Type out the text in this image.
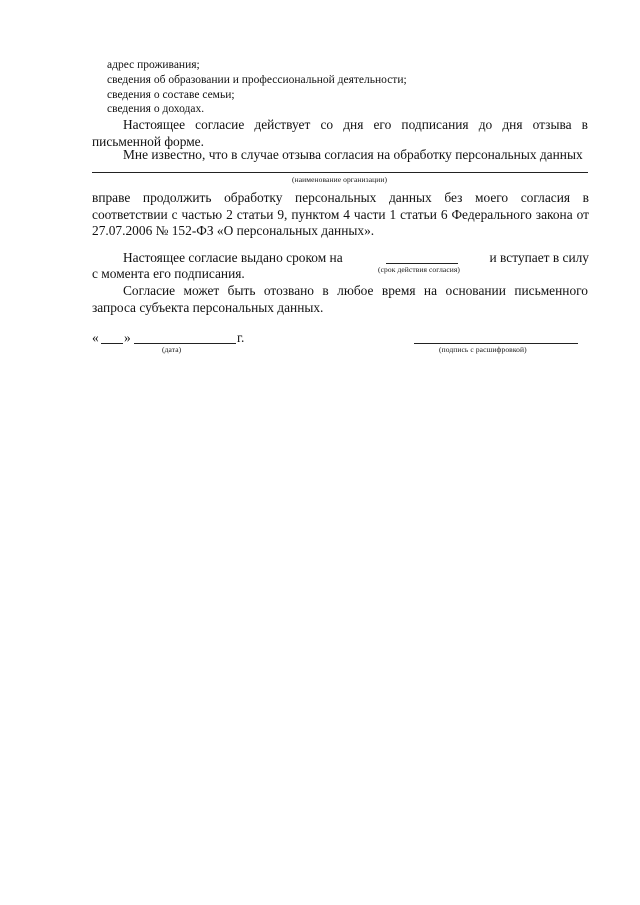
адрес проживания;
сведения об образовании и профессиональной деятельности;
сведения о составе семьи;
сведения о доходах.
Настоящее согласие действует со дня его подписания до дня отзыва в письменной форме.
Мне известно, что в случае отзыва согласия на обработку персональных данных
(наименование организации)
вправе продолжить обработку персональных данных без моего согласия в соответствии с частью 2 статьи 9, пунктом 4 части 1 статьи 6 Федерального закона от 27.07.2006 № 152-ФЗ «О персональных данных».
Настоящее согласие выдано сроком на	и вступает в силу
(срок действия согласия)
с момента его подписания.
Согласие может быть отозвано в любое время на основании письменного запроса субъекта персональных данных.
« »	г.
(дата)	(подпись с расшифровкой)
